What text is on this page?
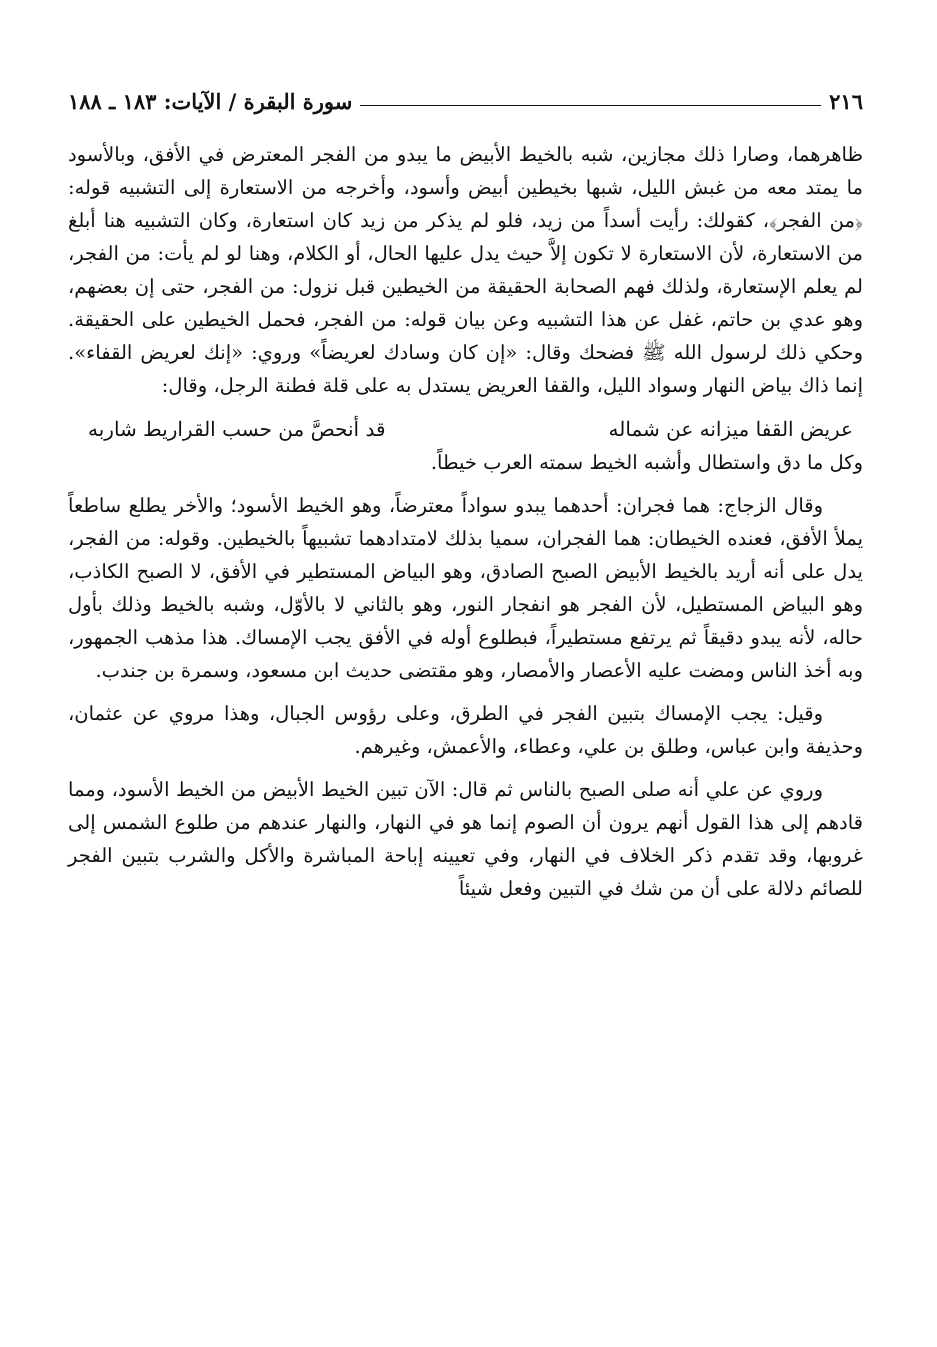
٢١٦
سورة البقرة / الآيات: ١٨٣ ـ ١٨٨

ظاهرهما، وصارا ذلك مجازين، شبه بالخيط الأبيض ما يبدو من الفجر المعترض في الأفق، وبالأسود ما يمتد معه من غبش الليل، شبها بخيطين أبيض وأسود، وأخرجه من الاستعارة إلى التشبيه قوله: ﴿من الفجر﴾، كقولك: رأيت أسداً من زيد، فلو لم يذكر من زيد كان استعارة، وكان التشبيه هنا أبلغ من الاستعارة، لأن الاستعارة لا تكون إلاَّ حيث يدل عليها الحال، أو الكلام، وهنا لو لم يأت: من الفجر، لم يعلم الإستعارة، ولذلك فهم الصحابة الحقيقة من الخيطين قبل نزول: من الفجر، حتى إن بعضهم، وهو عدي بن حاتم، غفل عن هذا التشبيه وعن بيان قوله: من الفجر، فحمل الخيطين على الحقيقة. وحكي ذلك لرسول الله ﷺ فضحك وقال: «إن كان وسادك لعريضاً» وروي: «إنك لعريض القفاء». إنما ذاك بياض النهار وسواد الليل، والقفا العريض يستدل به على قلة فطنة الرجل، وقال:

عريض القفا ميزانه عن شماله
قد أنحصَّ من حسب القراريط شاربه

وكل ما دق واستطال وأشبه الخيط سمته العرب خيطاً.

وقال الزجاج: هما فجران: أحدهما يبدو سواداً معترضاً، وهو الخيط الأسود؛ والأخر يطلع ساطعاً يملأ الأفق، فعنده الخيطان: هما الفجران، سميا بذلك لامتدادهما تشبيهاً بالخيطين. وقوله: من الفجر، يدل على أنه أريد بالخيط الأبيض الصبح الصادق، وهو البياض المستطير في الأفق، لا الصبح الكاذب، وهو البياض المستطيل، لأن الفجر هو انفجار النور، وهو بالثاني لا بالأوّل، وشبه بالخيط وذلك بأول حاله، لأنه يبدو دقيقاً ثم يرتفع مستطيراً، فبطلوع أوله في الأفق يجب الإمساك. هذا مذهب الجمهور، وبه أخذ الناس ومضت عليه الأعصار والأمصار، وهو مقتضى حديث ابن مسعود، وسمرة بن جندب.

وقيل: يجب الإمساك بتبين الفجر في الطرق، وعلى رؤوس الجبال، وهذا مروي عن عثمان، وحذيفة وابن عباس، وطلق بن علي، وعطاء، والأعمش، وغيرهم.

وروي عن علي أنه صلى الصبح بالناس ثم قال: الآن تبين الخيط الأبيض من الخيط الأسود، ومما قادهم إلى هذا القول أنهم يرون أن الصوم إنما هو في النهار، والنهار عندهم من طلوع الشمس إلى غروبها، وقد تقدم ذكر الخلاف في النهار، وفي تعيينه إباحة المباشرة والأكل والشرب بتبين الفجر للصائم دلالة على أن من شك في التبين وفعل شيئاً
